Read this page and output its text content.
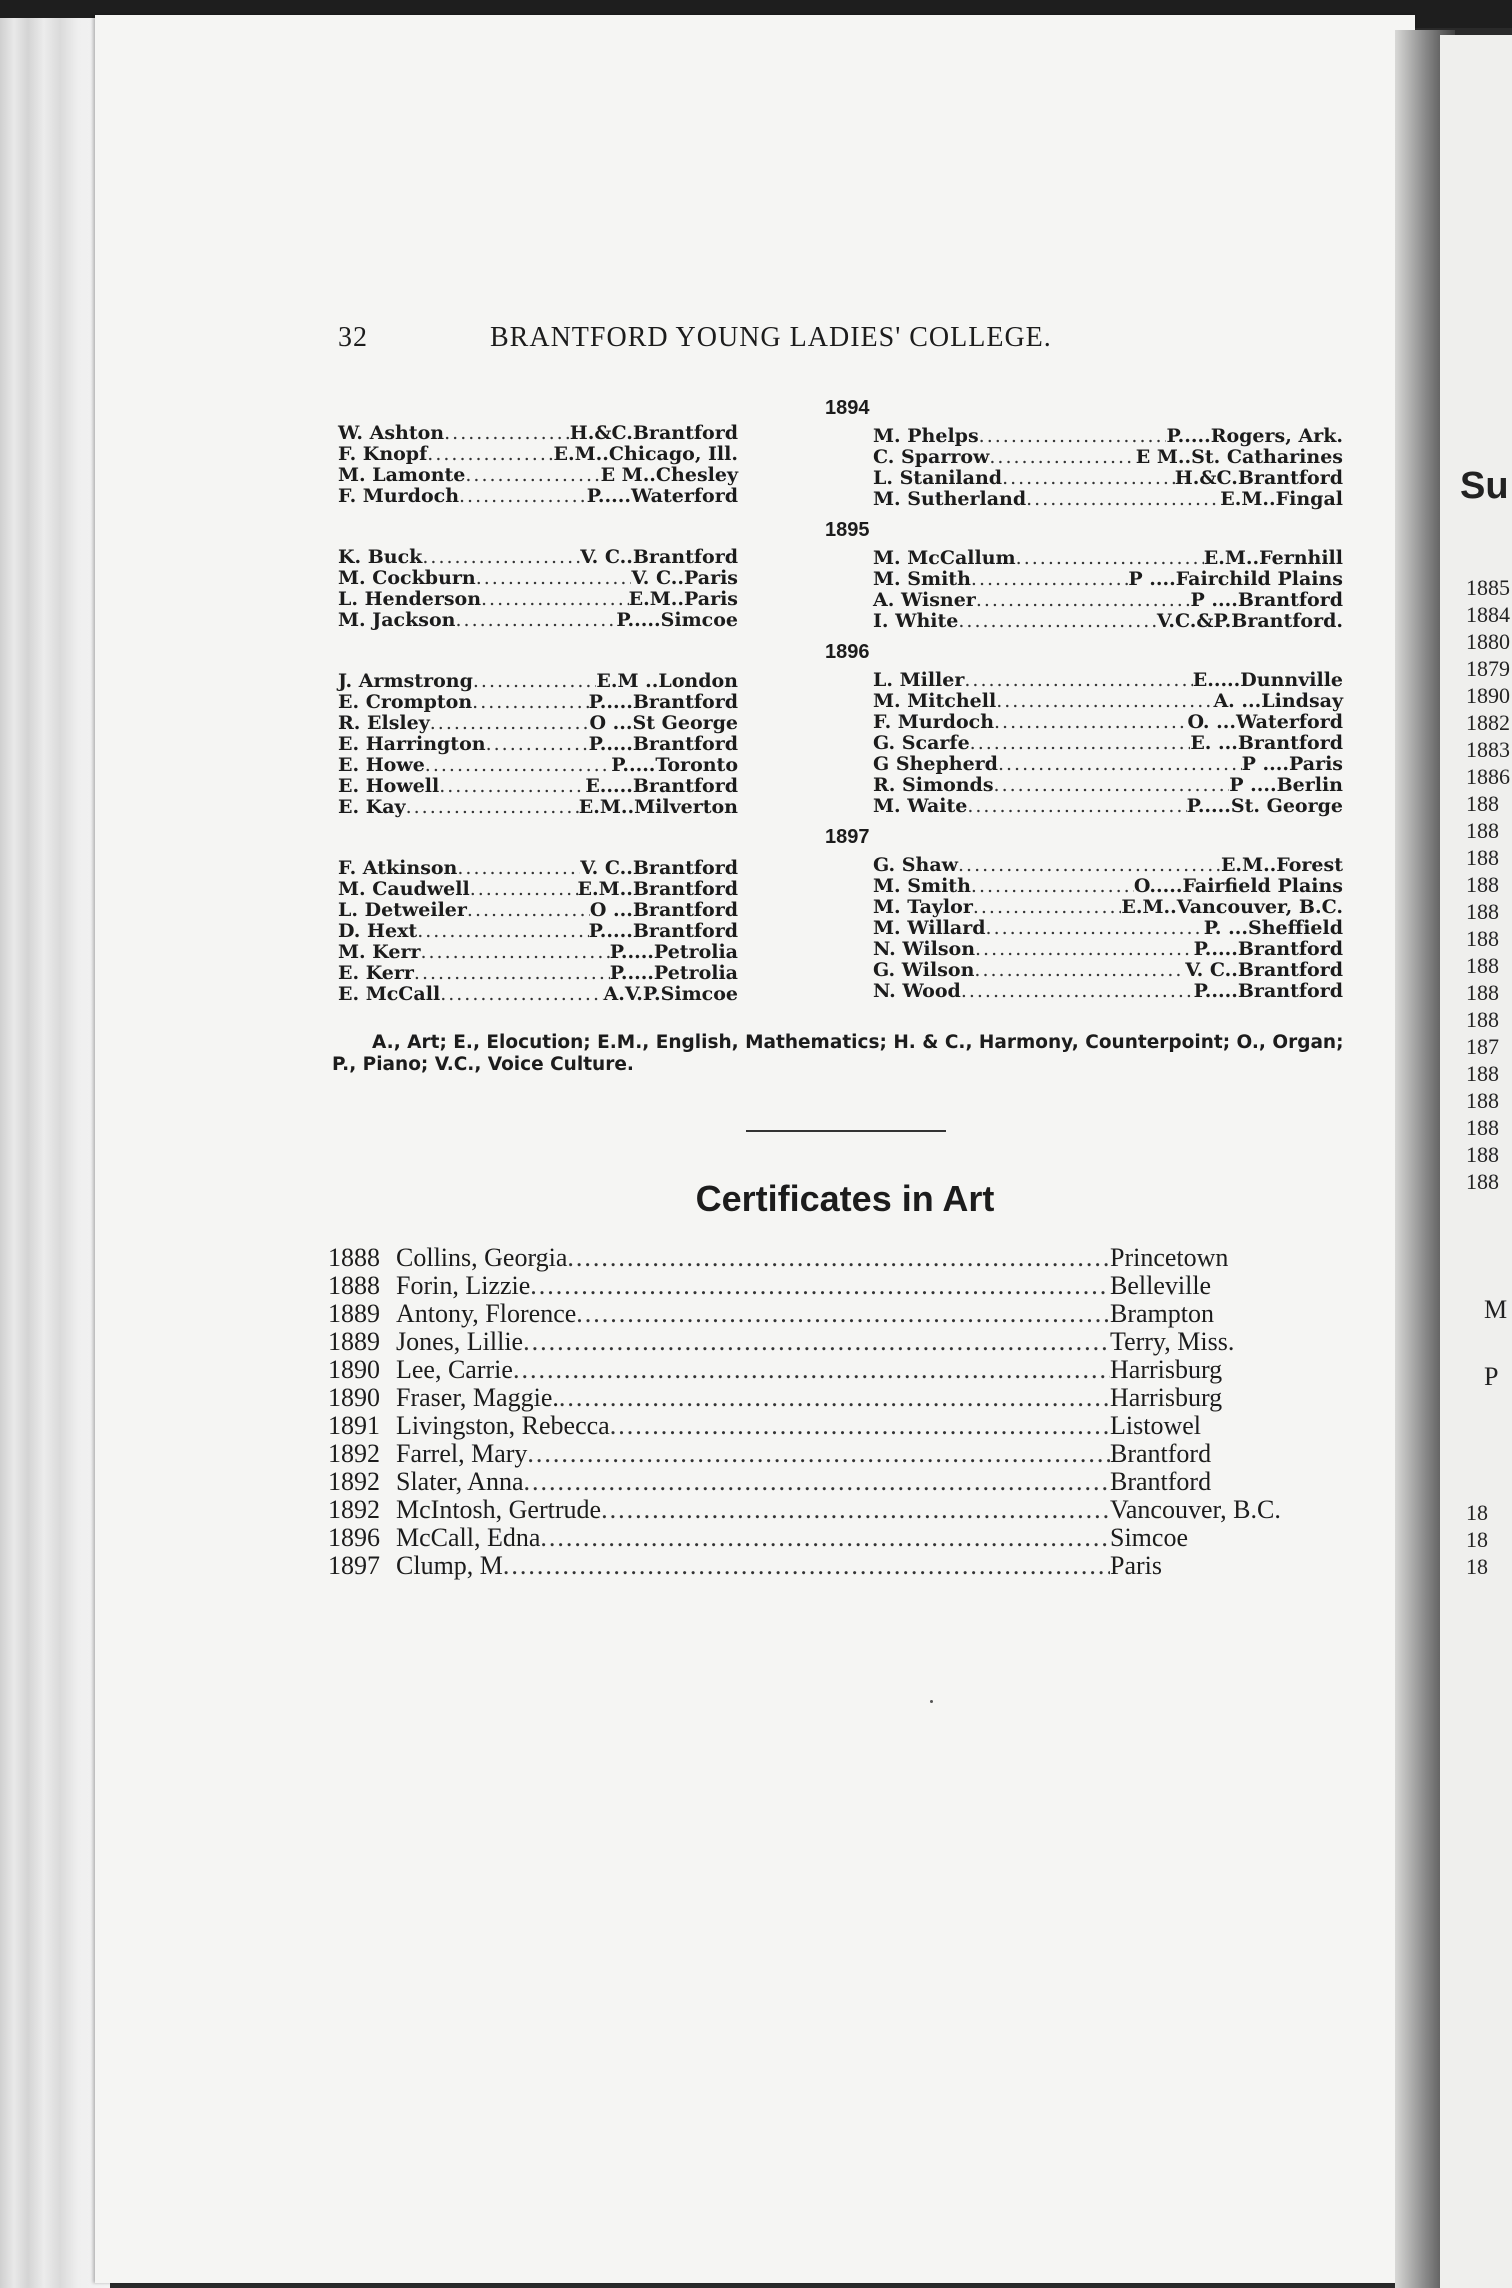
Su
1885
1884
1880
1879
1890
1882
1883
1886
188
188
188
188
188
188
188
188
188
187
188
188
188
188
188
18
18
18
M
P
32	BRANTFORD YOUNG LADIES' COLLEGE.
W. Ashton .....	H.&C. Brantford
F. Knopf .....	E.M.. Chicago, Ill.
M. Lamonte .....	E M.. Chesley
F. Murdoch .....	P..... Waterford
K. Buck .....	V. C.. Brantford
M. Cockburn .....	V. C.. Paris
L. Henderson .....	E.M.. Paris
M. Jackson .....	P..... Simcoe
J. Armstrong .....	E.M .. London
E. Crompton .....	P..... Brantford
R. Elsley .....	O ... St George
E. Harrington .....	P..... Brantford
E. Howe .....	P..... Toronto
E. Howell .....	E..... Brantford
E. Kay .....	E.M.. Milverton
F. Atkinson .....	V. C.. Brantford
M. Caudwell .....	E.M.. Brantford
L. Detweiler .....	O ... Brantford
D. Hext .....	P..... Brantford
M. Kerr .....	P..... Petrolia
E. Kerr .....	P..... Petrolia
E. McCall .....	A.V.P. Simcoe
1894
M. Phelps .....	P..... Rogers, Ark.
C. Sparrow .....	E M.. St. Catharines
L. Staniland .....	H.&C. Brantford
M. Sutherland .....	E.M.. Fingal
1895
M. McCallum .....	E.M.. Fernhill
M. Smith .....	P .... Fairchild Plains
A. Wisner .....	P .... Brantford
I. White .....	V.C.&P. Brantford.
1896
L. Miller .....	E..... Dunnville
M. Mitchell .....	A. ... Lindsay
F. Murdoch .....	O. ... Waterford
G. Scarfe .....	E. ... Brantford
G Shepherd .....	P .... Paris
R. Simonds .....	P .... Berlin
M. Waite .....	P..... St. George
1897
G. Shaw .....	E.M.. Forest
M. Smith .....	O..... Fairfield Plains
M. Taylor .....	E.M.. Vancouver, B.C.
M. Willard .....	P. ... Sheffield
N. Wilson .....	P..... Brantford
G. Wilson .....	V. C.. Brantford
N. Wood .....	P..... Brantford
A., Art; E., Elocution; E.M., English, Mathematics; H. & C., Harmony, Counterpoint; O., Organ; P., Piano; V.C., Voice Culture.
Certificates in Art
1888 Collins, Georgia .....	Princetown
1888 Forin, Lizzie .....	Belleville
1889 Antony, Florence .....	Brampton
1889 Jones, Lillie .....	Terry, Miss.
1890 Lee, Carrie .....	Harrisburg
1890 Fraser, Maggie. .....	Harrisburg
1891 Livingston, Rebecca .....	Listowel
1892 Farrel, Mary .....	Brantford
1892 Slater, Anna .....	Brantford
1892 McIntosh, Gertrude .....	Vancouver, B.C.
1896 McCall, Edna .....	Simcoe
1897 Clump, M .....	Paris
